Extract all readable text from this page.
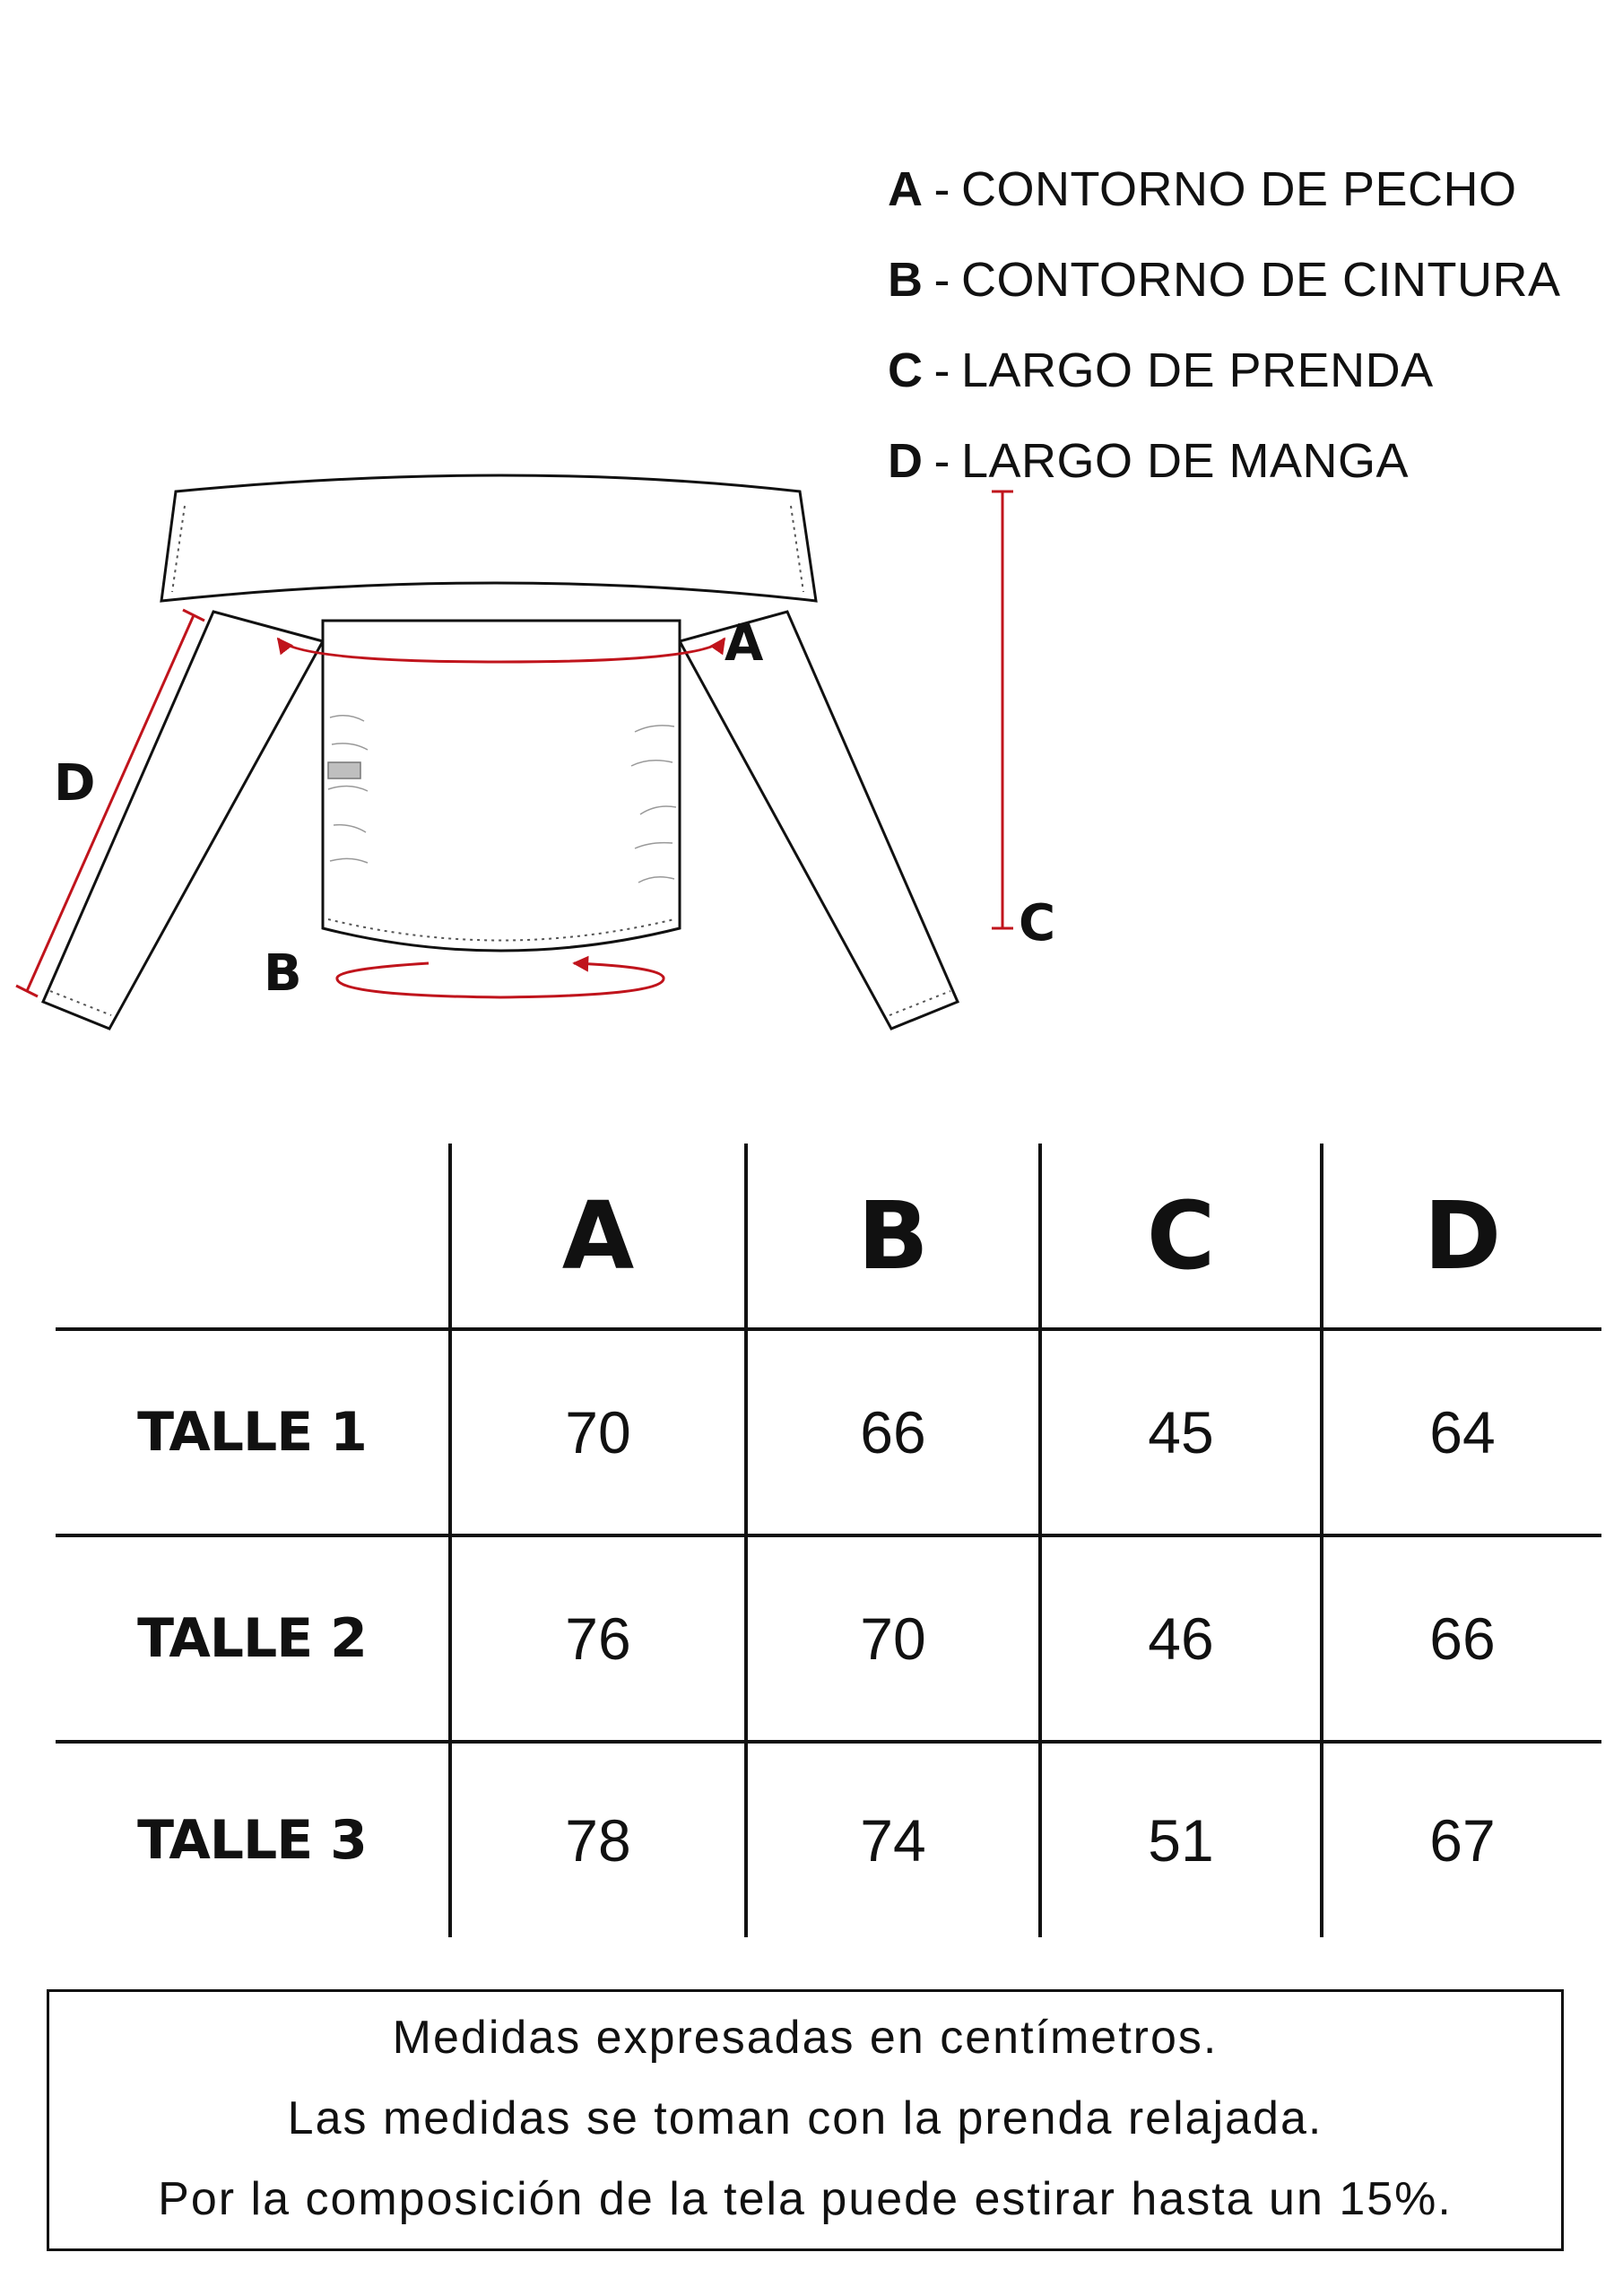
A - CONTORNO DE PECHO
B - CONTORNO DE CINTURA
C - LARGO DE PRENDA
D - LARGO DE MANGA
A
B
C
D
	A	B	C	D
TALLE 1	70	66	45	64
TALLE 2	76	70	46	66
TALLE 3	78	74	51	67
Medidas expresadas en centímetros.
Las medidas se toman con la prenda relajada.
Por la composición de la tela puede estirar hasta un 15%.
